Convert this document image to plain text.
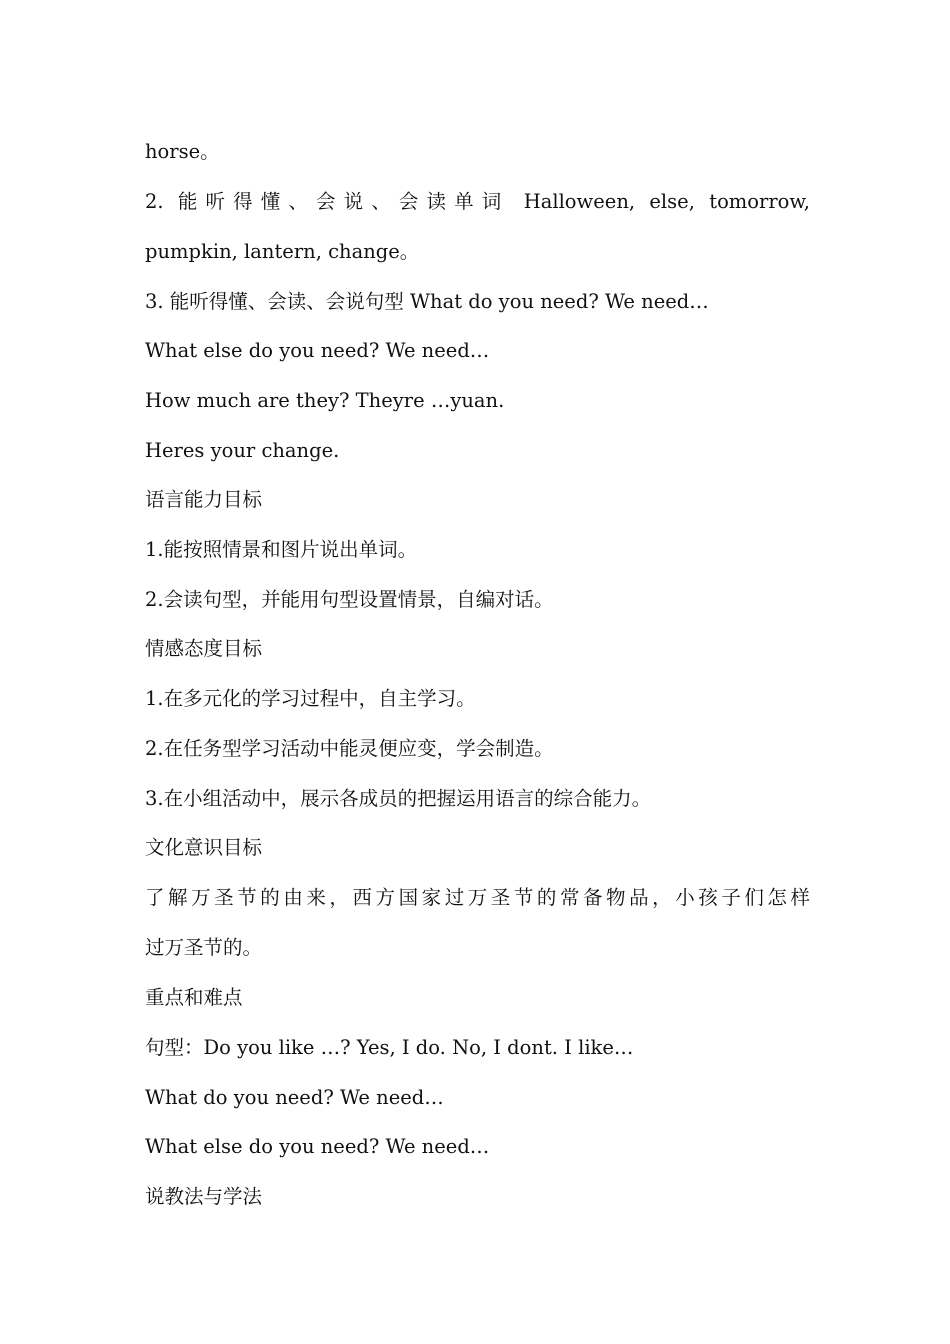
horse。
2. 能听得懂、会说、会读单词 Halloween, else, tomorrow,
pumpkin, lantern, change。
3. 能听得懂、会读、会说句型 What do you need? We need…
What else do you need? We need…
How much are they? Theyre …yuan.
Heres your change.
语言能力目标
1.能按照情景和图片说出单词。
2.会读句型，并能用句型设置情景，自编对话。
情感态度目标
1.在多元化的学习过程中，自主学习。
2.在任务型学习活动中能灵便应变，学会制造。
3.在小组活动中，展示各成员的把握运用语言的综合能力。
文化意识目标
了解万圣节的由来，西方国家过万圣节的常备物品，小孩子们怎样
过万圣节的。
重点和难点
句型：Do you like …? Yes, I do. No, I dont. I like…
What do you need? We need…
What else do you need? We need…
说教法与学法
